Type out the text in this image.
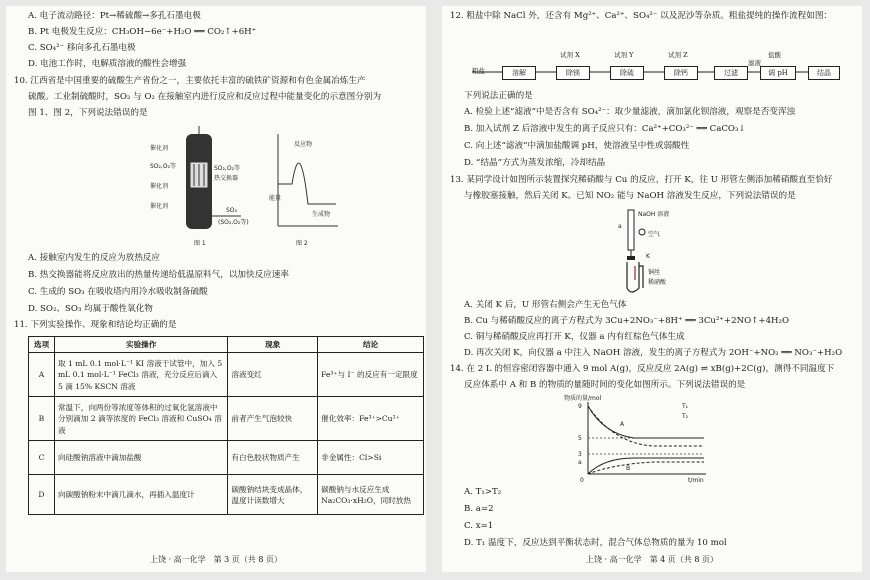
A. 电子流动路径：Pt→稀硫酸→多孔石墨电极
B. Pt 电极发生反应：CH₃OH−6e⁻+H₂O ══ CO₂↑+6H⁺
C. SO₄²⁻ 移向多孔石墨电极
D. 电池工作时，电解质溶液的酸性会增强
10. 江西省是中国重要的硫酸生产省份之一，主要依托丰富的硫铁矿资源和有色金属冶炼生产
硫酸。工业制硫酸时，SO₂ 与 O₂ 在接触室内进行反应和反应过程中能量变化的示意图分别为
图 1、图 2，下列说法错误的是
催化剂
SO₂,O₂等
催化剂
SO₂,O₂等
热交换器
催化剂
SO₃
(SO₂,O₂等)
图 1
能量
反应物
生成物
图 2
A. 接触室内发生的反应为放热反应
B. 热交换器能将反应放出的热量传递给低温原料气，以加快反应速率
C. 生成的 SO₃ 在吸收塔内用冷水吸收制备硫酸
D. SO₂、SO₃ 均属于酸性氧化物
11. 下列实验操作、现象和结论均正确的是
选项	实验操作	现象	结论
A	取 1 mL 0.1 mol·L⁻¹ KI 溶液于试管中，加入 5 mL 0.1 mol·L⁻¹ FeCl₃ 溶液，充分反应后滴入 5 滴 15% KSCN 溶液	溶液变红	Fe³⁺与 I⁻ 的反应有一定限度
B	常温下，向两份等浓度等体积的过氧化氢溶液中分别滴加 2 滴等浓度的 FeCl₃ 溶液和 CuSO₄ 溶液	前者产生气泡较快	催化效率：Fe³⁺>Cu²⁺
C	向硅酸钠溶液中滴加盐酸	有白色胶状物质产生	非金属性：Cl>Si
D	向碳酸钠粉末中滴几滴水，再插入温度计	碳酸钠结块变成晶体，温度计读数增大	碳酸钠与水反应生成 Na₂CO₃·xH₂O，同时放热
上饶 · 高一化学　第 3 页（共 8 页）
12. 粗盐中除 NaCl 外，还含有 Mg²⁺、Ca²⁺、SO₄²⁻ 以及泥沙等杂质。粗盐提纯的操作流程如图：
粗盐	溶解	除镁	除硫	除钙	过滤	调 pH	结晶
试剂 X	试剂 Y	试剂 Z	盐酸
滤液
下列说法正确的是
A. 检验上述“滤液”中是否含有 SO₄²⁻：取少量滤液，滴加氯化钡溶液，观察是否变浑浊
B. 加入试剂 Z 后溶液中发生的离子反应只有：Ca²⁺+CO₃²⁻ ══ CaCO₃↓
C. 向上述“滤液”中滴加盐酸调 pH，使溶液呈中性或弱酸性
D. “结晶”方式为蒸发浓缩，冷却结晶
13. 某同学设计如图所示装置探究稀硝酸与 Cu 的反应，打开 K，往 U 形管左侧添加稀硝酸直至恰好
与橡胶塞接触，然后关闭 K。已知 NO₂ 能与 NaOH 溶液发生反应，下列说法错误的是
NaOH 溶液
a
空气
K
铜丝
稀硝酸
A. 关闭 K 后，U 形管右侧会产生无色气体
B. Cu 与稀硝酸反应的离子方程式为 3Cu+2NO₃⁻+8H⁺ ══ 3Cu²⁺+2NO↑+4H₂O
C. 铜与稀硝酸反应再打开 K，仪器 a 内有红棕色气体生成
D. 再次关闭 K，向仪器 a 中注入 NaOH 溶液，发生的离子方程式为 2OH⁻+NO₂ ══ NO₃⁻+H₂O
14. 在 2 L 的恒容密闭容器中通入 9 mol A(g)，反应反应 2A(g) ⇌ xB(g)+2C(g)，测得不同温度下
反应体系中 A 和 B 的物质的量随时间的变化如图所示。下列说法错误的是
物质的量/mol
t/min
T₁
T₂
9
5
3
a
A
B
0
A. T₁>T₂
B. a=2
C. x=1
D. T₁ 温度下，反应达到平衡状态时，混合气体总物质的量为 10 mol
上饶 · 高一化学　第 4 页（共 8 页）
